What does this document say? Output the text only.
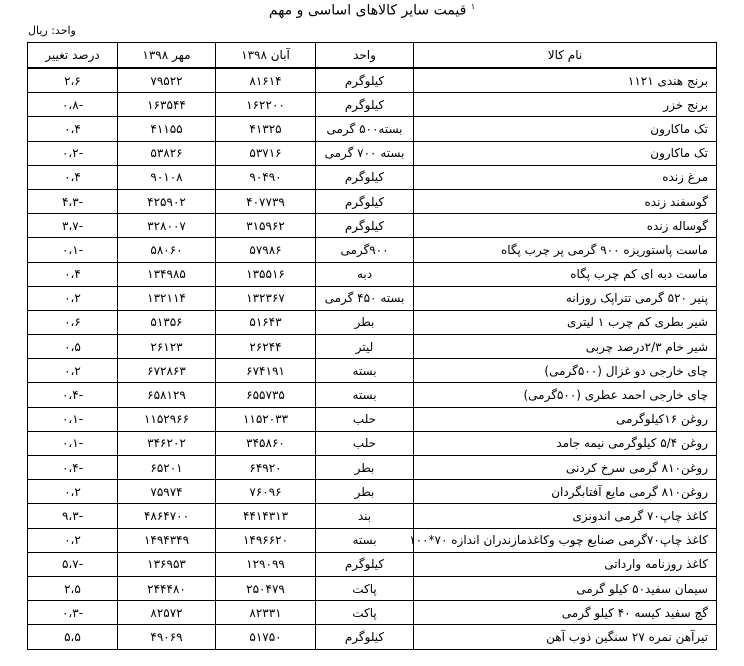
$^١$ قیمت سایر کالاهای اساسی و مهم
واحد: ریال
درصد تغییر	مهر ۱۳۹۸	آبان ۱۳۹۸	واحد	نام کالا
۲،۶	۷۹۵۲۲	۸۱۶۱۴	کیلوگرم	برنج هندی ۱۱۲۱
۰،۸-	۱۶۳۵۴۴	۱۶۲۲۰۰	کیلوگرم	برنج خزر
۰،۴	۴۱۱۵۵	۴۱۳۲۵	بسته۵۰۰ گرمی	تک ماکارون
۰،۲-	۵۳۸۲۶	۵۳۷۱۶	بسته ۷۰۰ گرمی	تک ماکارون
۰،۴	۹۰۱۰۸	۹۰۴۹۰	کیلوگرم	مرغ زنده
۴،۳-	۴۲۵۹۰۲	۴۰۷۷۳۹	کیلوگرم	گوسفند زنده
۳،۷-	۳۲۸۰۰۷	۳۱۵۹۶۲	کیلوگرم	گوساله زنده
۰،۱-	۵۸۰۶۰	۵۷۹۸۶	۹۰۰گرمی	ماست پاستوریزه ۹۰۰ گرمی پر چرب پگاه
۰،۴	۱۳۴۹۸۵	۱۳۵۵۱۶	دبه	ماست دبه ای کم چرب پگاه
۰،۲	۱۳۲۱۱۴	۱۳۲۳۶۷	بسته ۴۵۰ گرمی	پنیر ۵۲۰ گرمی تتراپک روزانه
۰،۶	۵۱۳۵۶	۵۱۶۴۳	بطر	شیر بطری کم چرب ۱ لیتری
۰،۵	۲۶۱۲۳	۲۶۲۴۴	لیتر	شیر خام ۲/۳درصد چربی
۰،۲	۶۷۲۸۶۳	۶۷۴۱۹۱	بسته	چای خارجی دو غزال (۵۰۰گرمی)
۰،۴-	۶۵۸۱۲۹	۶۵۵۷۳۵	بسته	چای خارجی احمد عطری (۵۰۰گرمی)
۰،۱-	۱۱۵۲۹۶۶	۱۱۵۲۰۳۳	حلب	روغن ۱۶کیلوگرمی
۰،۱-	۳۴۶۲۰۲	۳۴۵۸۶۰	حلب	روغن ۵/۴ کیلوگرمی نیمه جامد
۰،۴-	۶۵۲۰۱	۶۴۹۲۰	بطر	روغن۸۱۰ گرمی سرخ کردنی
۰،۲	۷۵۹۷۴	۷۶۰۹۶	بطر	روغن۸۱۰ گرمی مایع آفتابگردان
۹،۳-	۴۸۶۴۷۰۰	۴۴۱۴۳۱۳	بند	کاغذ چاپ۷۰ گرمی اندونزی
۰،۲	۱۴۹۴۳۴۹	۱۴۹۶۶۲۰	بسته	کاغذ چاپ۷۰گرمی صنایع چوب وکاغذمازندران اندازه ۷۰*۱۰۰
۵،۷-	۱۳۶۹۵۳	۱۲۹۰۹۹	کیلوگرم	کاغذ روزنامه وارداتی
۲،۵	۲۴۴۴۸۰	۲۵۰۴۷۹	پاکت	سیمان سفید۵۰ کیلو گرمی
۰،۳-	۸۲۵۷۲	۸۲۳۳۱	پاکت	گچ سفید کیسه ۴۰ کیلو گرمی
۵،۵	۴۹۰۶۹	۵۱۷۵۰	کیلوگرم	تیرآهن نمره ۲۷ سنگین ذوب آهن
